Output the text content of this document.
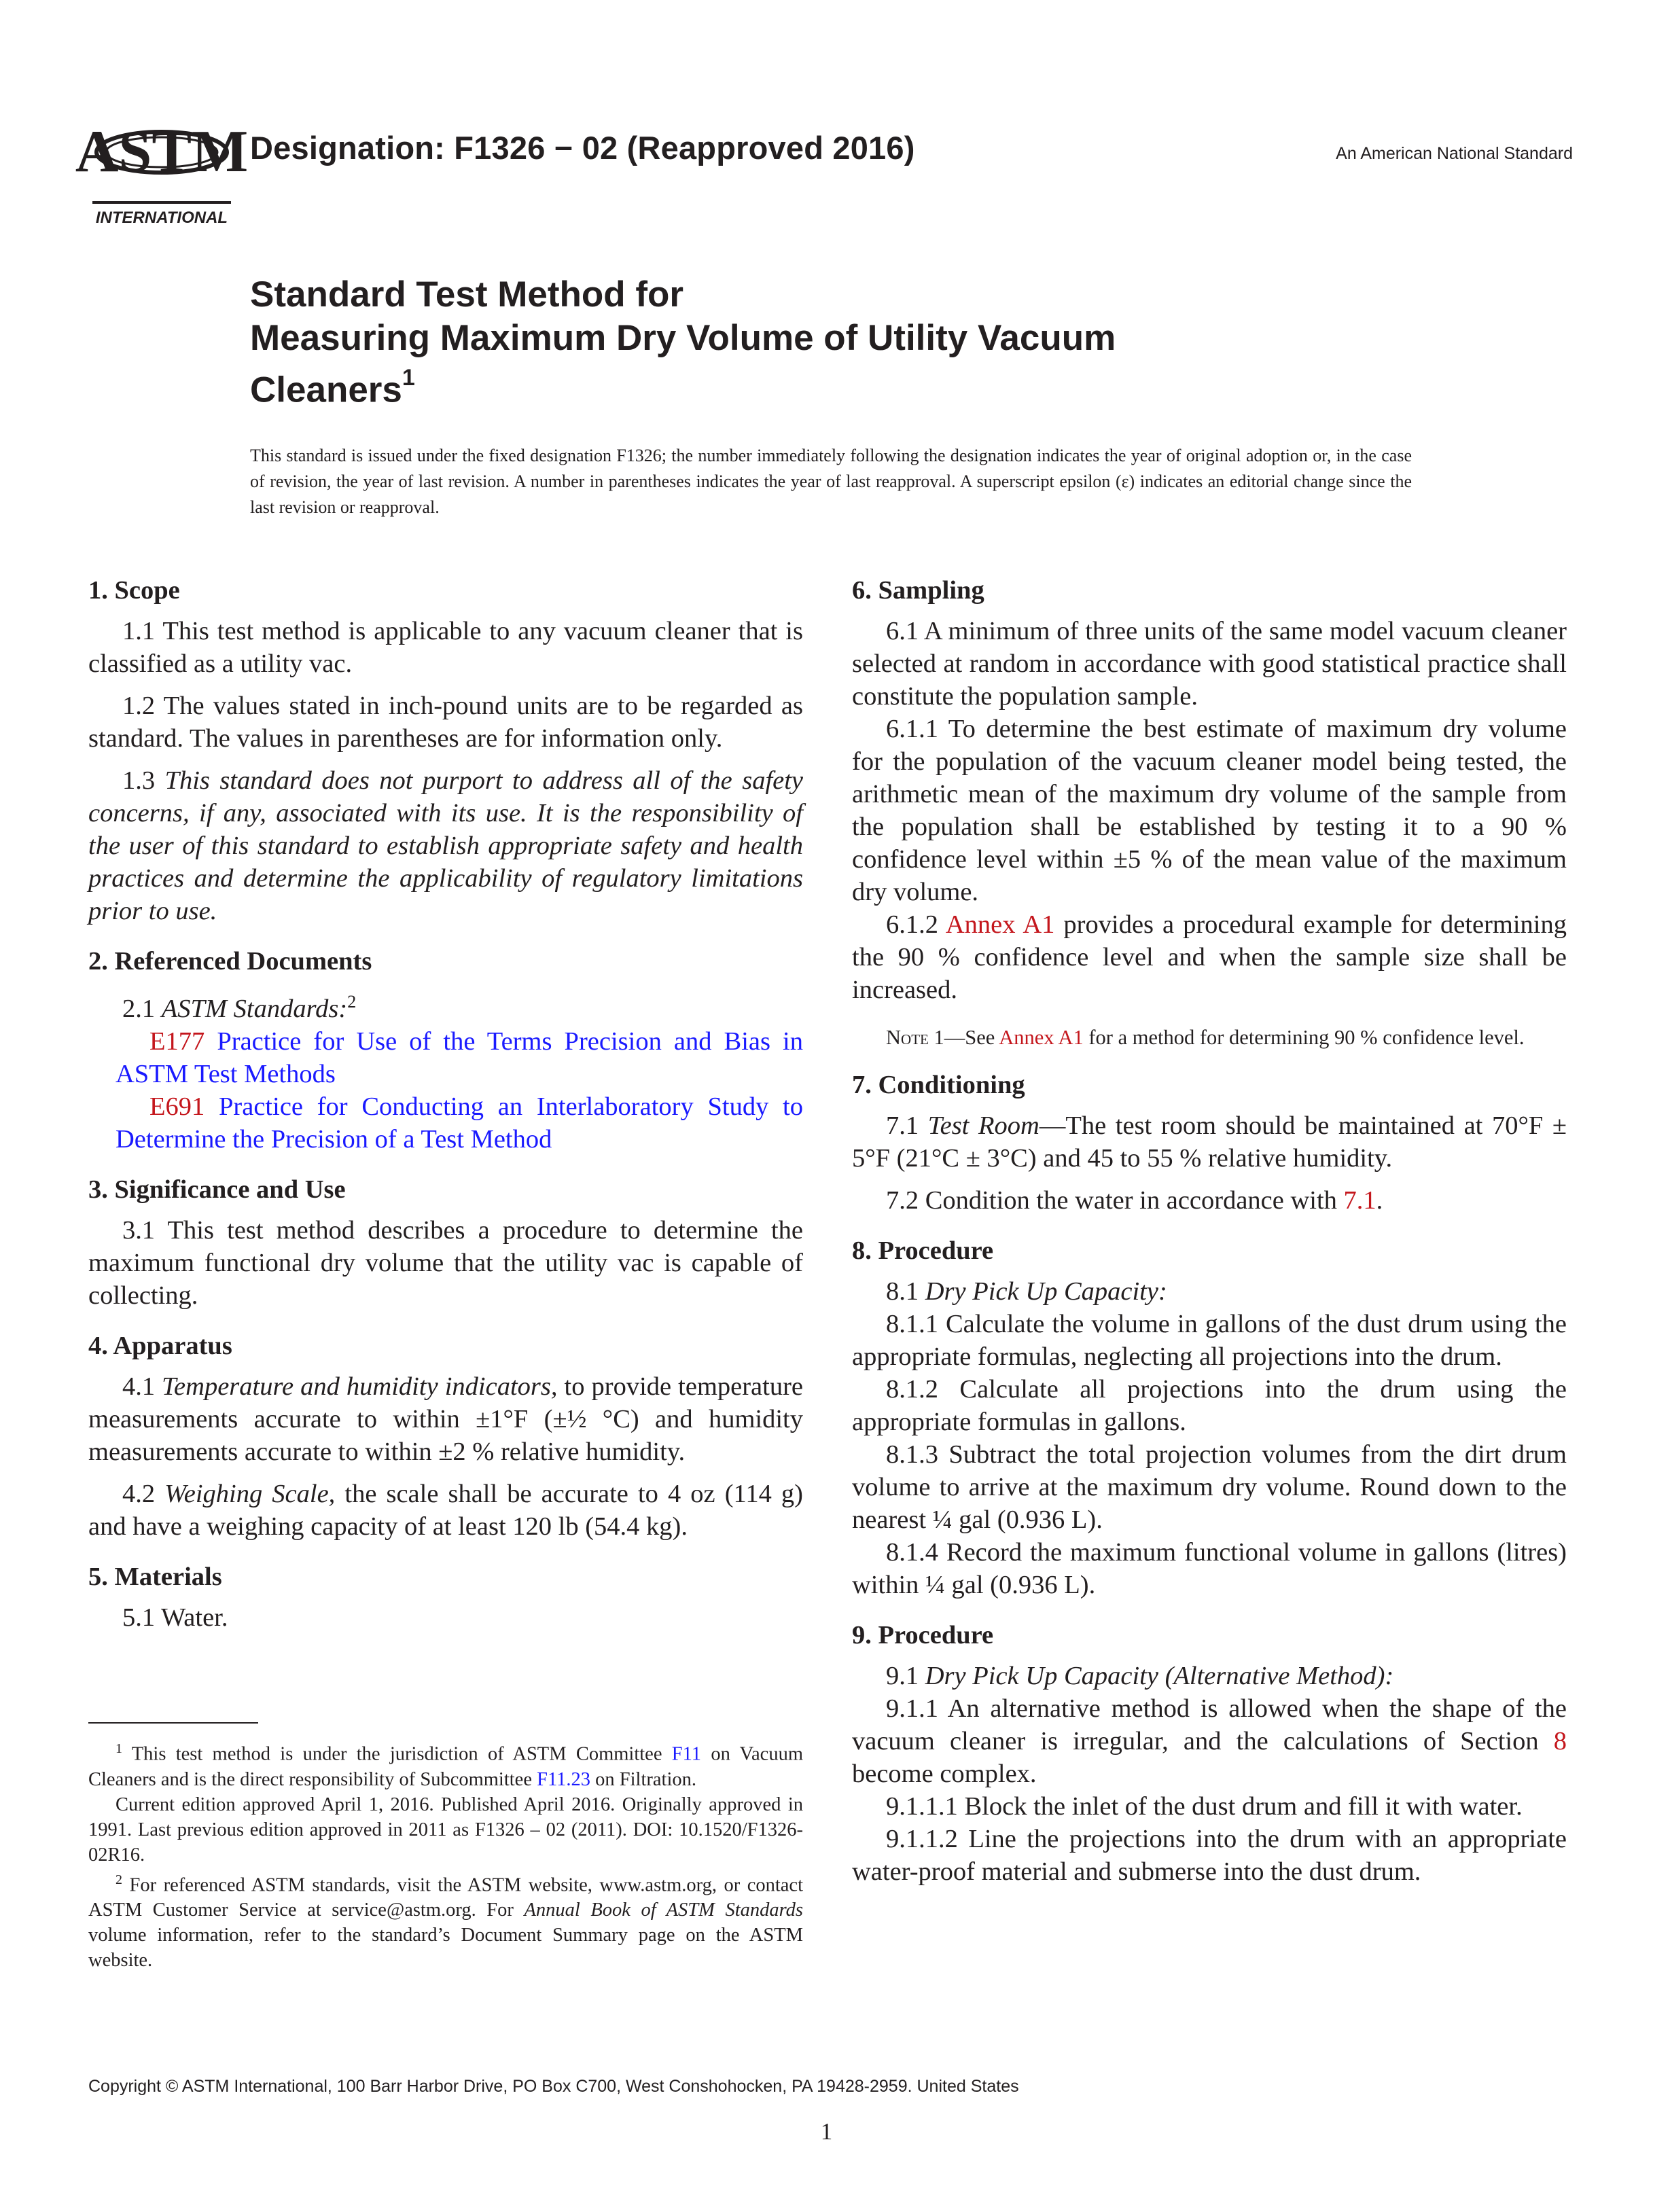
ASTM
INTERNATIONAL
Designation: F1326 − 02 (Reapproved 2016)	An American National Standard
Standard Test Method for
Measuring Maximum Dry Volume of Utility Vacuum
Cleaners$^1$
This standard is issued under the fixed designation F1326; the number immediately following the designation indicates the year of original adoption or, in the case of revision, the year of last revision. A number in parentheses indicates the year of last reapproval. A superscript epsilon (ε) indicates an editorial change since the last revision or reapproval.
1. Scope

1.1 This test method is applicable to any vacuum cleaner that is classified as a utility vac.

1.2 The values stated in inch-pound units are to be regarded as standard. The values in parentheses are for information only.

1.3 This standard does not purport to address all of the safety concerns, if any, associated with its use. It is the responsibility of the user of this standard to establish appropriate safety and health practices and determine the applicability of regulatory limitations prior to use.

2. Referenced Documents

2.1 ASTM Standards:$^2$

E177 Practice for Use of the Terms Precision and Bias in ASTM Test Methods

E691 Practice for Conducting an Interlaboratory Study to Determine the Precision of a Test Method

3. Significance and Use

3.1 This test method describes a procedure to determine the maximum functional dry volume that the utility vac is capable of collecting.

4. Apparatus

4.1 Temperature and humidity indicators, to provide temperature measurements accurate to within ±1°F (±½ °C) and humidity measurements accurate to within ±2 % relative humidity.

4.2 Weighing Scale, the scale shall be accurate to 4 oz (114 g) and have a weighing capacity of at least 120 lb (54.4 kg).

5. Materials

5.1 Water.

6. Sampling

6.1 A minimum of three units of the same model vacuum cleaner selected at random in accordance with good statistical practice shall constitute the population sample.

6.1.1 To determine the best estimate of maximum dry volume for the population of the vacuum cleaner model being tested, the arithmetic mean of the maximum dry volume of the sample from the population shall be established by testing it to a 90 % confidence level within ±5 % of the mean value of the maximum dry volume.

6.1.2 Annex A1 provides a procedural example for determining the 90 % confidence level and when the sample size shall be increased.

Note 1—See Annex A1 for a method for determining 90 % confidence level.

7. Conditioning

7.1 Test Room—The test room should be maintained at 70°F ± 5°F (21°C ± 3°C) and 45 to 55 % relative humidity.

7.2 Condition the water in accordance with 7.1.

8. Procedure

8.1 Dry Pick Up Capacity:

8.1.1 Calculate the volume in gallons of the dust drum using the appropriate formulas, neglecting all projections into the drum.

8.1.2 Calculate all projections into the drum using the appropriate formulas in gallons.

8.1.3 Subtract the total projection volumes from the dirt drum volume to arrive at the maximum dry volume. Round down to the nearest ¼ gal (0.936 L).

8.1.4 Record the maximum functional volume in gallons (litres) within ¼ gal (0.936 L).

9. Procedure

9.1 Dry Pick Up Capacity (Alternative Method):

9.1.1 An alternative method is allowed when the shape of the vacuum cleaner is irregular, and the calculations of Section 8 become complex.

9.1.1.1 Block the inlet of the dust drum and fill it with water.

9.1.1.2 Line the projections into the drum with an appropriate water-proof material and submerse into the dust drum.

$^1$ This test method is under the jurisdiction of ASTM Committee F11 on Vacuum Cleaners and is the direct responsibility of Subcommittee F11.23 on Filtration.

Current edition approved April 1, 2016. Published April 2016. Originally approved in 1991. Last previous edition approved in 2011 as F1326 – 02 (2011). DOI: 10.1520/F1326-02R16.

$^2$ For referenced ASTM standards, visit the ASTM website, www.astm.org, or contact ASTM Customer Service at service@astm.org. For Annual Book of ASTM Standards volume information, refer to the standard’s Document Summary page on the ASTM website.

Copyright © ASTM International, 100 Barr Harbor Drive, PO Box C700, West Conshohocken, PA 19428-2959. United States
1
